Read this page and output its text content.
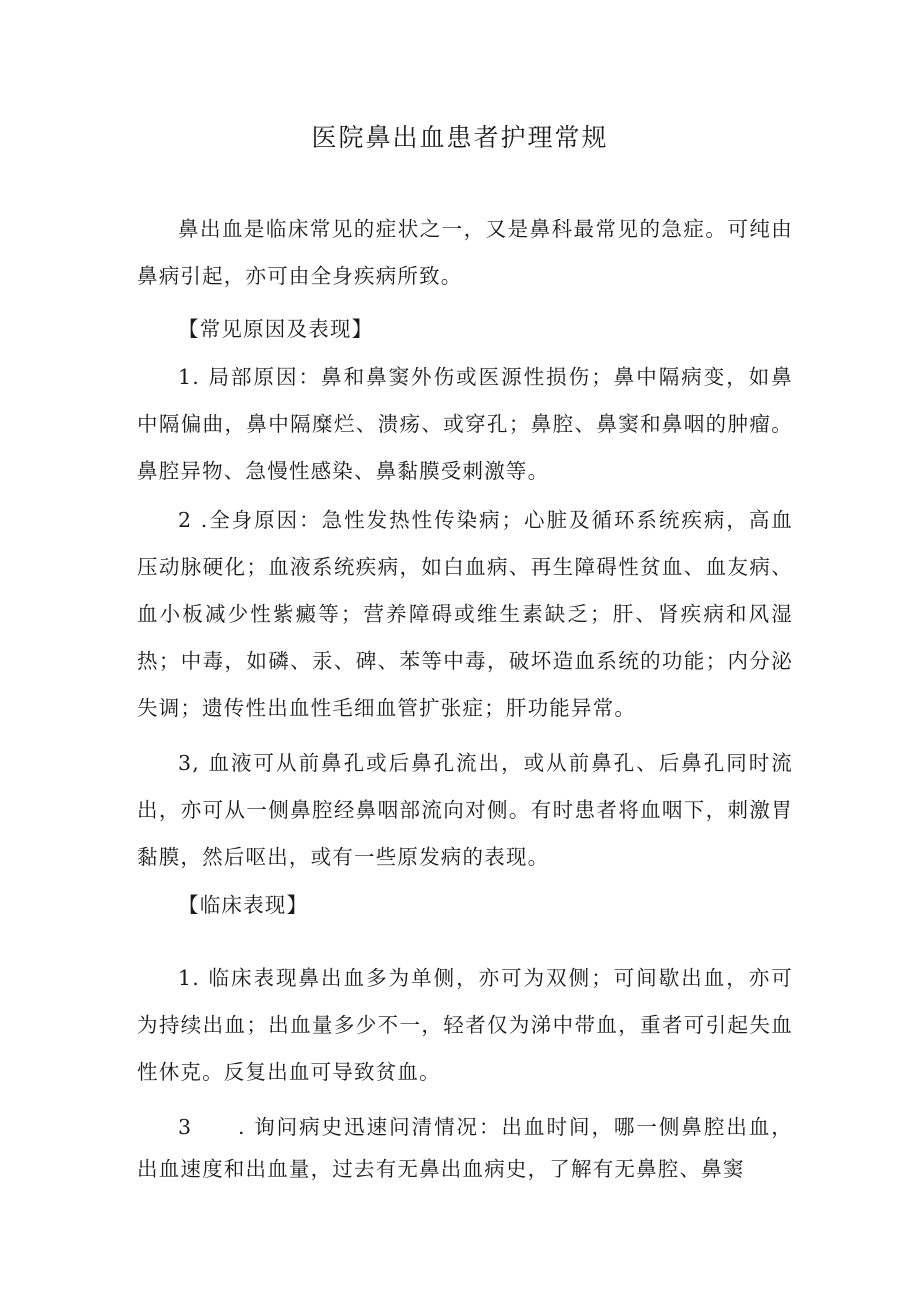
医院鼻出血患者护理常规

鼻出血是临床常见的症状之一，又是鼻科最常见的急症。可纯由鼻病引起，亦可由全身疾病所致。

【常见原因及表现】

1. 局部原因：鼻和鼻窦外伤或医源性损伤；鼻中隔病变，如鼻中隔偏曲，鼻中隔糜烂、溃疡、或穿孔；鼻腔、鼻窦和鼻咽的肿瘤。鼻腔异物、急慢性感染、鼻黏膜受刺激等。

2 .全身原因：急性发热性传染病；心脏及循环系统疾病，高血压动脉硬化；血液系统疾病，如白血病、再生障碍性贫血、血友病、血小板减少性紫癜等；营养障碍或维生素缺乏；肝、肾疾病和风湿热；中毒，如磷、汞、碑、苯等中毒，破坏造血系统的功能；内分泌失调；遗传性出血性毛细血管扩张症；肝功能异常。

3, 血液可从前鼻孔或后鼻孔流出，或从前鼻孔、后鼻孔同时流出，亦可从一侧鼻腔经鼻咽部流向对侧。有时患者将血咽下，刺激胃黏膜，然后呕出，或有一些原发病的表现。

【临床表现】

1. 临床表现鼻出血多为单侧，亦可为双侧；可间歇出血，亦可为持续出血；出血量多少不一，轻者仅为涕中带血，重者可引起失血性休克。反复出血可导致贫血。

3　　. 询问病史迅速问清情况：出血时间，哪一侧鼻腔出血，出血速度和出血量，过去有无鼻出血病史，了解有无鼻腔、鼻窦
